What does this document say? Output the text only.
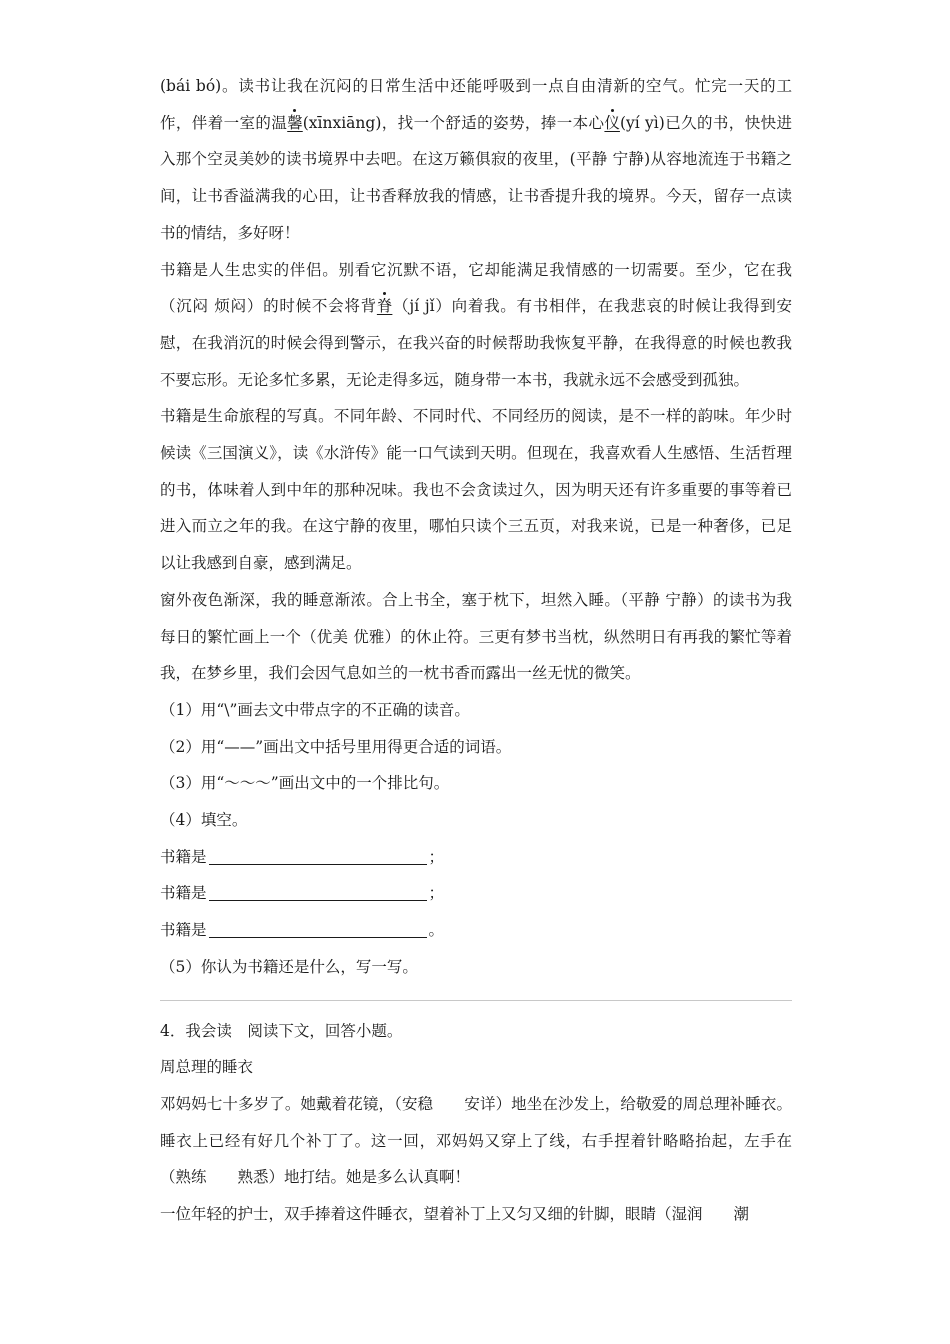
(bái bó)。读书让我在沉闷的日常生活中还能呼吸到一点自由清新的空气。忙完一天的工作，伴着一室的温馨(xīnxiāng)，找一个舒适的姿势，捧一本心仪(yí yì)已久的书，快快进入那个空灵美妙的读书境界中去吧。在这万籁俱寂的夜里，(平静 宁静)从容地流连于书籍之间，让书香溢满我的心田，让书香释放我的情感，让书香提升我的境界。今天，留存一点读书的情结，多好呀！

书籍是人生忠实的伴侣。别看它沉默不语，它却能满足我情感的一切需要。至少，它在我（沉闷 烦闷）的时候不会将背脊（jí jǐ）向着我。有书相伴，在我悲哀的时候让我得到安慰，在我消沉的时候会得到警示，在我兴奋的时候帮助我恢复平静，在我得意的时候也教我不要忘形。无论多忙多累，无论走得多远，随身带一本书，我就永远不会感受到孤独。

书籍是生命旅程的写真。不同年龄、不同时代、不同经历的阅读，是不一样的韵味。年少时候读《三国演义》，读《水浒传》能一口气读到天明。但现在，我喜欢看人生感悟、生活哲理的书，体味着人到中年的那种况味。我也不会贪读过久，因为明天还有许多重要的事等着已进入而立之年的我。在这宁静的夜里，哪怕只读个三五页，对我来说，已是一种奢侈，已足以让我感到自豪，感到满足。

窗外夜色渐深，我的睡意渐浓。合上书全，塞于枕下，坦然入睡。（平静 宁静）的读书为我每日的繁忙画上一个（优美 优雅）的休止符。三更有梦书当枕，纵然明日有再我的繁忙等着我，在梦乡里，我们会因气息如兰的一枕书香而露出一丝无忧的微笑。

（1）用“\”画去文中带点字的不正确的读音。

（2）用“——”画出文中括号里用得更合适的词语。

（3）用“～～～”画出文中的一个排比句。

（4）填空。

书籍是	；

书籍是	；

书籍是	。

（5）你认为书籍还是什么，写一写。

4．我会读　阅读下文，回答小题。

周总理的睡衣

邓妈妈七十多岁了。她戴着花镜，（安稳　　安详）地坐在沙发上，给敬爱的周总理补睡衣。睡衣上已经有好几个补丁了。这一回，邓妈妈又穿上了线，右手捏着针略略抬起，左手在（熟练　　熟悉）地打结。她是多么认真啊！

一位年轻的护士，双手捧着这件睡衣，望着补丁上又匀又细的针脚，眼睛（湿润　　潮
